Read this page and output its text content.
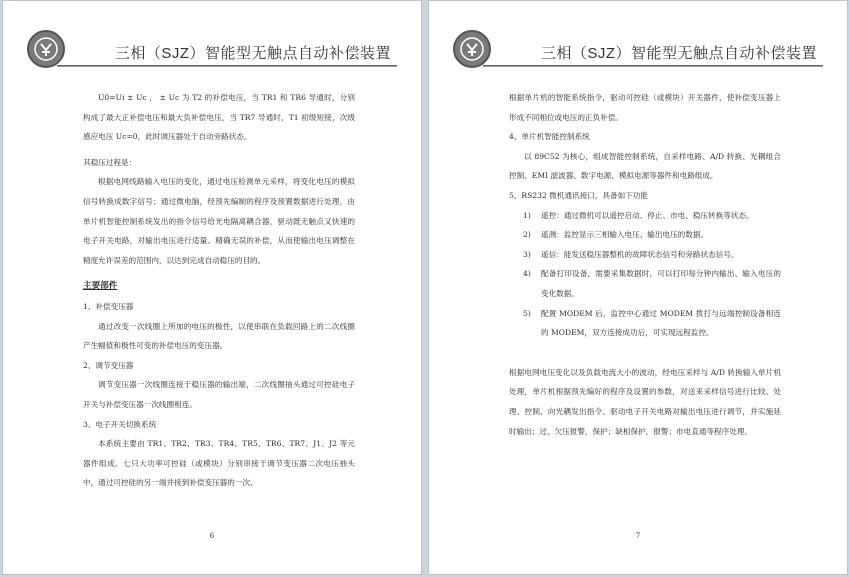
三相（SJZ）智能型无触点自动补偿装置

U0=Ui ± Uc ， ± Uc 为 T2 的补偿电压，当 TR1 和 TR6 导通时，分别构成了最大正补偿电压和最大负补偿电压，当 TR7 导通时，T1 初级短接，次级感应电压 Uc=0，此时调压器处于自动旁路状态。

其稳压过程是：

根据电网线路输入电压的变化，通过电压检测单元采样，将变化电压的模拟信号转换成数字信号；通过微电脑，经预先编制的程序及预置数据进行处理，由单片机智能控制系统发出的指令信号给光电隔离耦合器，驱动既无触点又快速的电子开关电路，对输出电压进行适量、精确无误的补偿，从而使输出电压调整在精度允许误差的范围内，以达到完成自动稳压的目的。

主要部件

1、补偿变压器

通过改变一次线圈上所加的电压的极性，以使串联在负载回路上的二次线圈产生幅值和极性可变的补偿电压的变压器。

2、调节变压器

调节变压器一次线圈连接于稳压器的输出端，二次线圈抽头通过可控硅电子开关与补偿变压器一次线圈相连。

3、电子开关切换系统

本系统主要由 TR1、TR2、TR3、TR4、TR5、TR6、TR7、J1、J2 等元器件组成。七只大功率可控硅（或模块）分别串接于调节变压器二次电压抽头中，通过可控硅的另一端并接到补偿变压器的一次、

6
三相（SJZ）智能型无触点自动补偿装置

根据单片机的智能系统指令，驱动可控硅（或模块）开关器件，使补偿变压器上形成不同相位或电压的正负补偿。

4、单片机智能控制系统

以 89C52 为核心，组成智能控制系统，自采样电路、A/D 转换、光耦组合控制、EMI 滤波器、数字电源、模拟电源等器件和电路组成。

5、RS232 微机通讯接口，具备如下功能

1)	遥控：通过微机可以遥控启动、停止、市电、稳压转换等状态。
2)	遥测：监控显示三相输入电压、输出电压的数据。
3)	遥信：能发送稳压器整机的故障状态信号和旁路状态信号。
4)	配备打印设备，需要采集数据时，可以打印每分钟内输出、输入电压的变化数据。
5)	配置 MODEM 后，监控中心通过 MODEM 拨打与远端控制设备相连的 MODEM，双方连接成功后，可实现远程监控。

根据电网电压变化以及负载电流大小的波动，经电压采样与 A/D 转换输入单片机处理，单片机根据预先编好的程序及设置的参数，对送来采样信号进行比较、处理、控制、向光耦发出指令、驱动电子开关电路对输出电压进行调节，并实施延时输出；过、欠压报警，保护；缺相保护，报警；市电直通等程序处理。

7
